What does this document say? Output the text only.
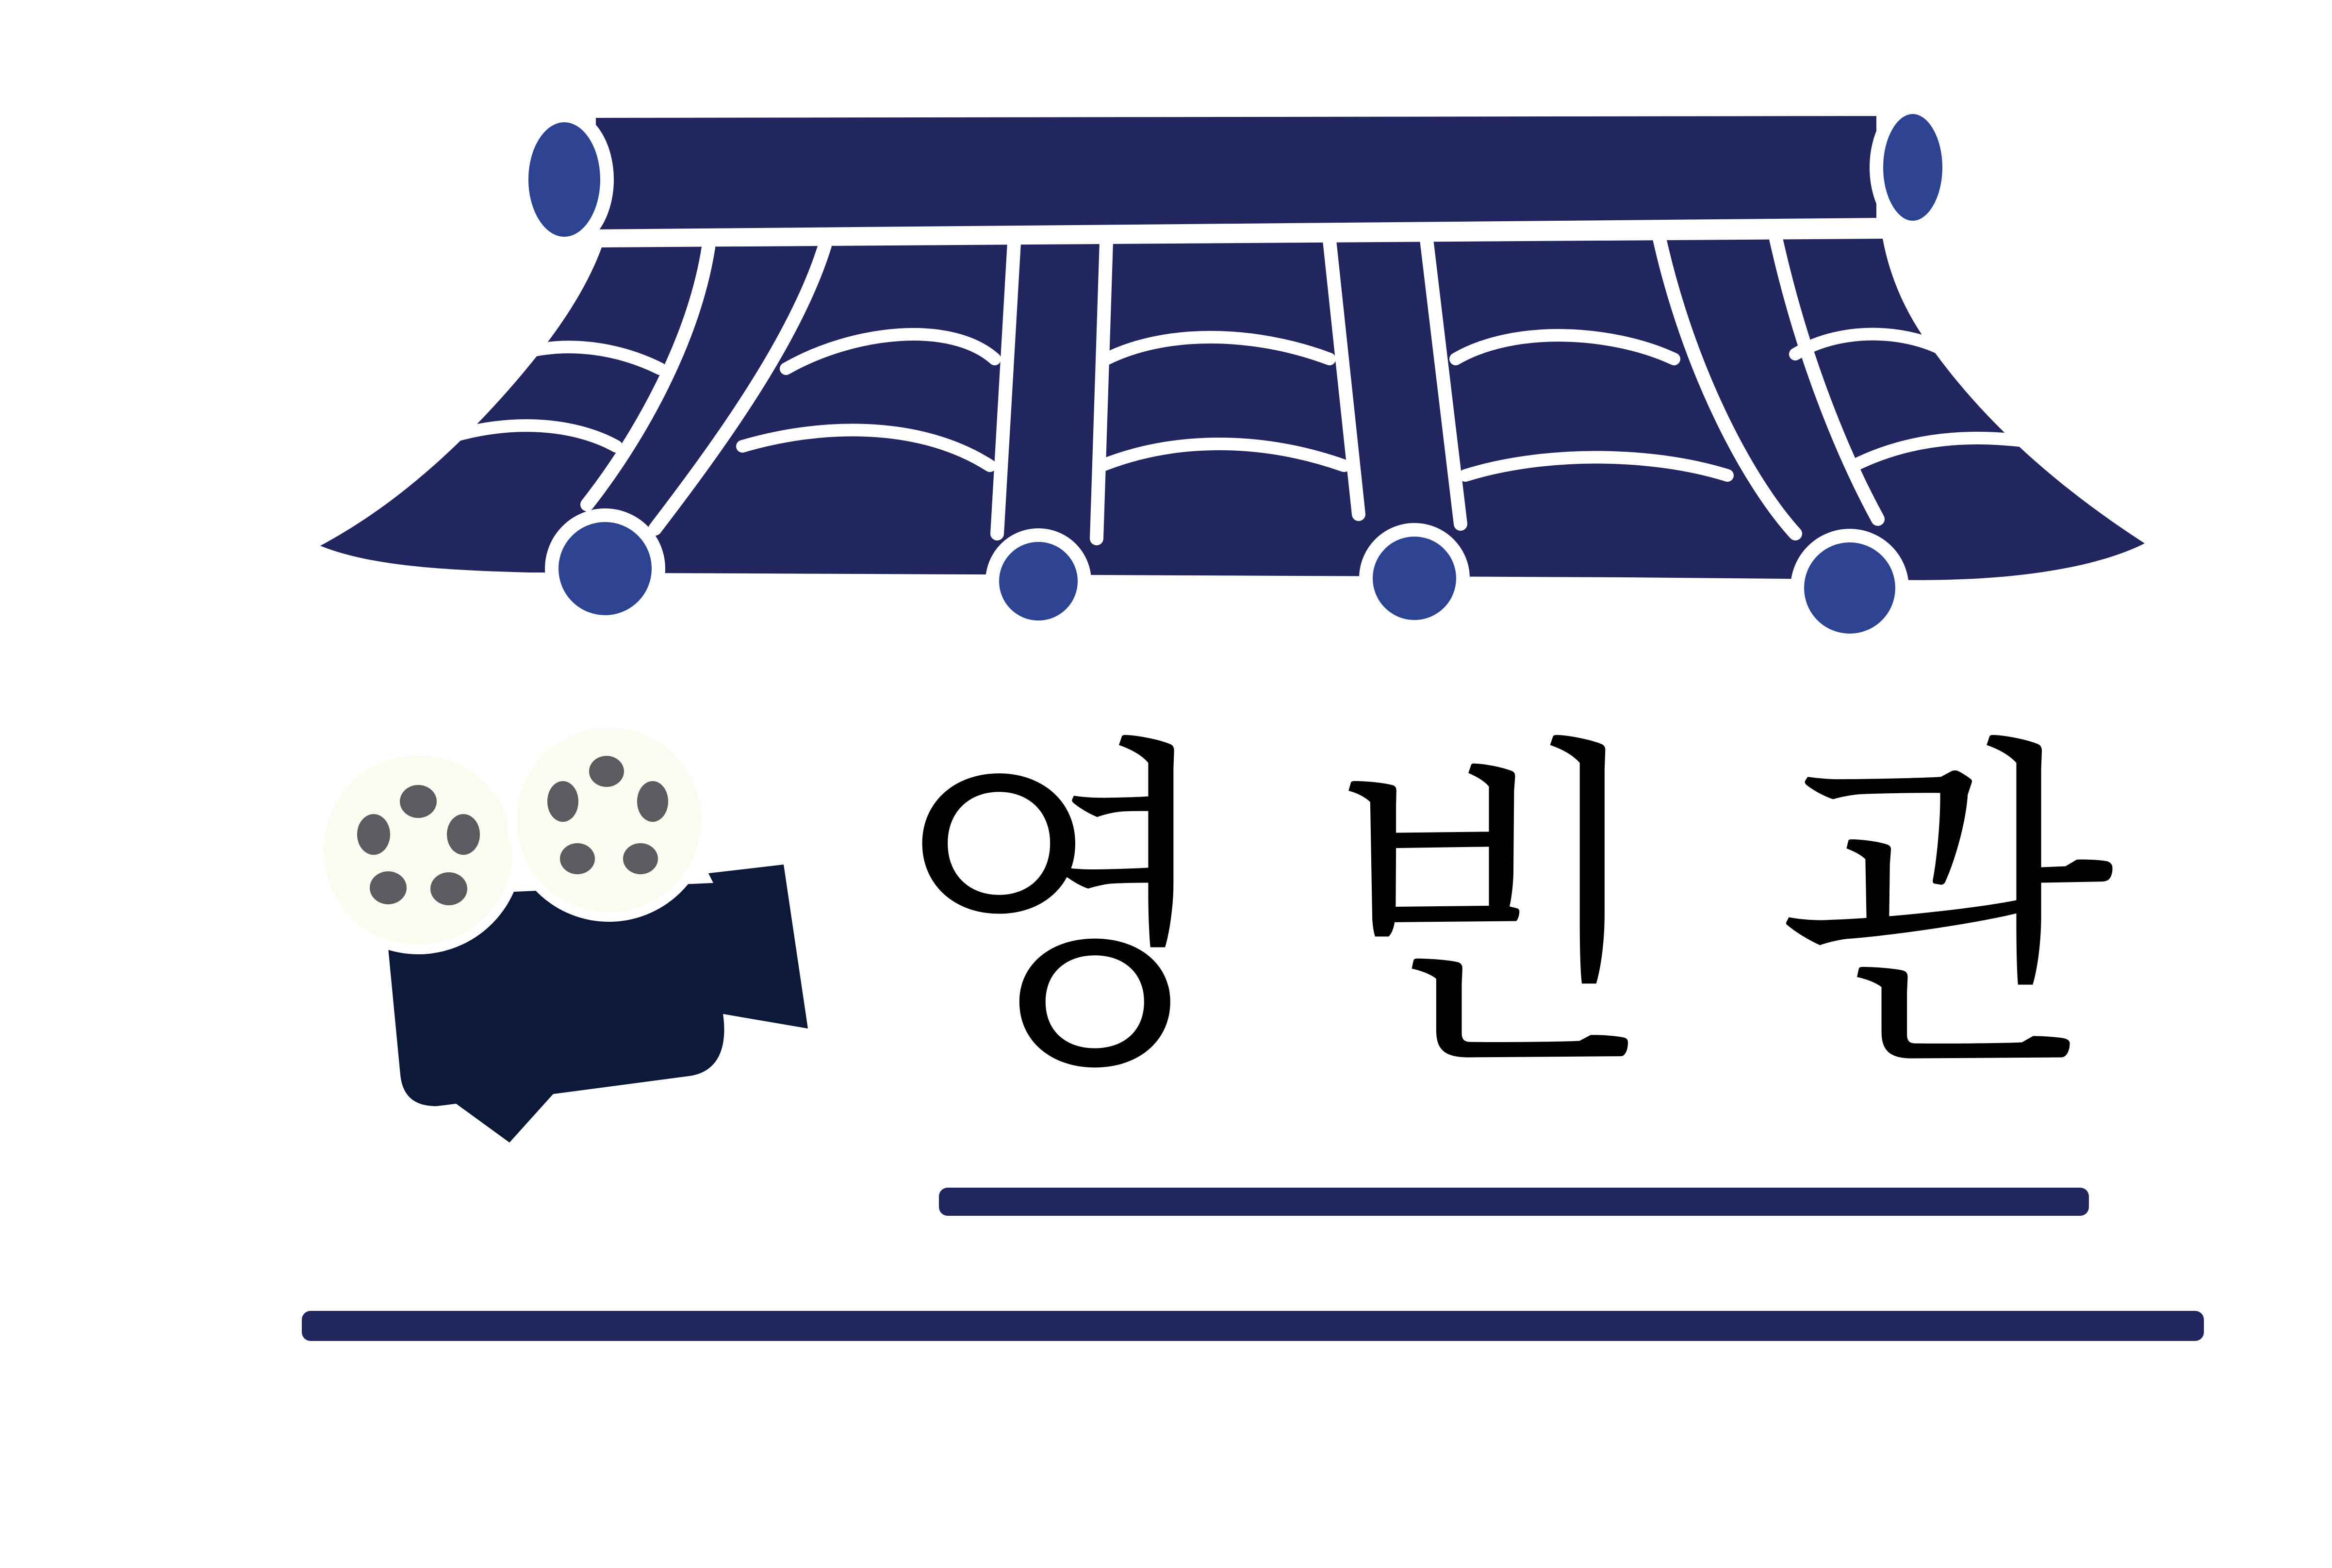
영 빈 관
